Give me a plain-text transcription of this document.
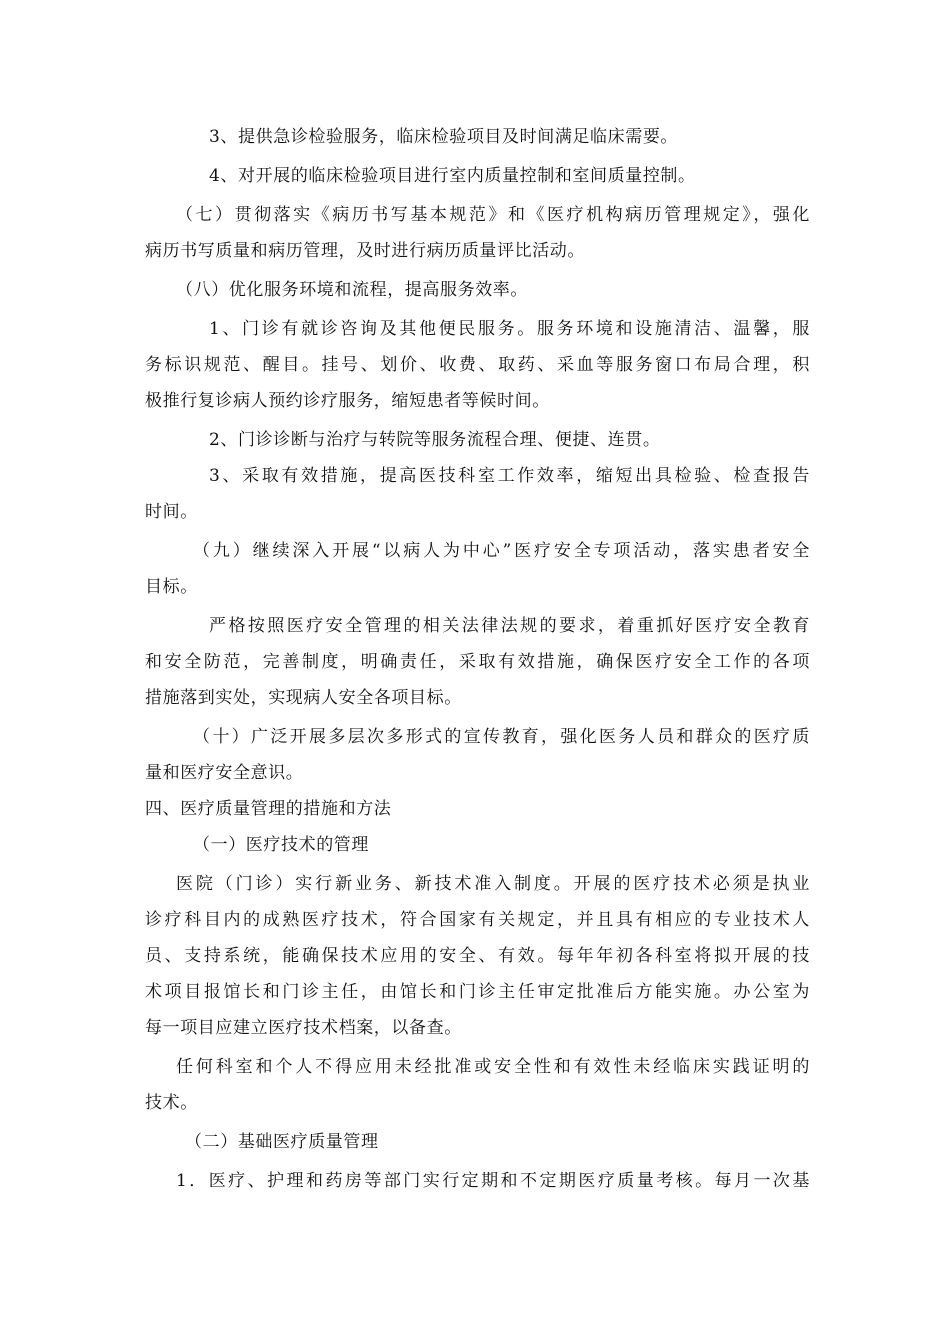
3、提供急诊检验服务，临床检验项目及时间满足临床需要。
4、对开展的临床检验项目进行室内质量控制和室间质量控制。
（七）贯彻落实《病历书写基本规范》和《医疗机构病历管理规定》，强化
病历书写质量和病历管理，及时进行病历质量评比活动。
（八）优化服务环境和流程，提高服务效率。
1、门诊有就诊咨询及其他便民服务。服务环境和设施清洁、温馨，服
务标识规范、醒目。挂号、划价、收费、取药、采血等服务窗口布局合理，积
极推行复诊病人预约诊疗服务，缩短患者等候时间。
2、门诊诊断与治疗与转院等服务流程合理、便捷、连贯。
3、采取有效措施，提高医技科室工作效率，缩短出具检验、检查报告
时间。
（九）继续深入开展“以病人为中心”医疗安全专项活动，落实患者安全
目标。
严格按照医疗安全管理的相关法律法规的要求，着重抓好医疗安全教育
和安全防范，完善制度，明确责任，采取有效措施，确保医疗安全工作的各项
措施落到实处，实现病人安全各项目标。
（十）广泛开展多层次多形式的宣传教育，强化医务人员和群众的医疗质
量和医疗安全意识。
四、医疗质量管理的措施和方法
（一）医疗技术的管理
医院（门诊）实行新业务、新技术准入制度。开展的医疗技术必须是执业
诊疗科目内的成熟医疗技术，符合国家有关规定，并且具有相应的专业技术人
员、支持系统，能确保技术应用的安全、有效。每年年初各科室将拟开展的技
术项目报馆长和门诊主任，由馆长和门诊主任审定批准后方能实施。办公室为
每一项目应建立医疗技术档案，以备查。
任何科室和个人不得应用未经批准或安全性和有效性未经临床实践证明的
技术。
（二）基础医疗质量管理
1．医疗、护理和药房等部门实行定期和不定期医疗质量考核。每月一次基
